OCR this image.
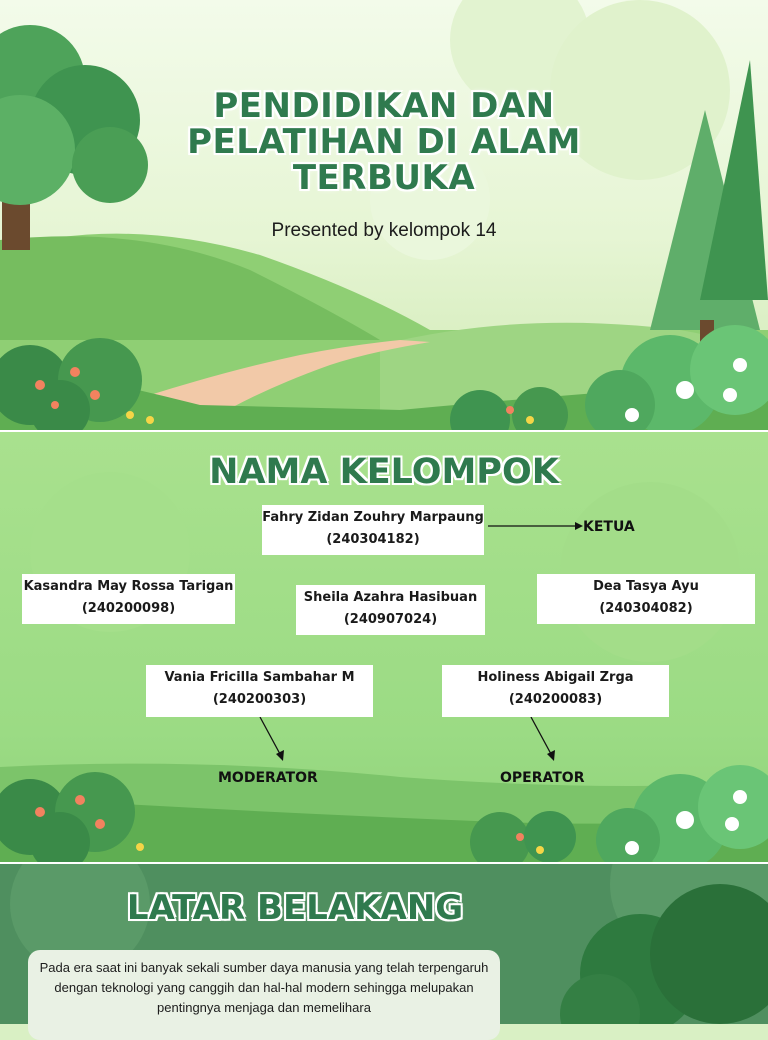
PENDIDIKAN DAN
PELATIHAN DI ALAM
TERBUKA
Presented by kelompok 14
NAMA KELOMPOK
Fahry Zidan Zouhry Marpaung
(240304182)
KETUA
Kasandra May Rossa Tarigan
(240200098)
Sheila Azahra Hasibuan
(240907024)
Dea Tasya Ayu
(240304082)
Vania Fricilla Sambahar M
(240200303)
Holiness Abigail Zrga
(240200083)
MODERATOR	OPERATOR
LATAR BELAKANG
Pada era saat ini banyak sekali sumber daya manusia yang telah terpengaruh dengan teknologi yang canggih dan hal-hal modern sehingga melupakan pentingnya menjaga dan memelihara
